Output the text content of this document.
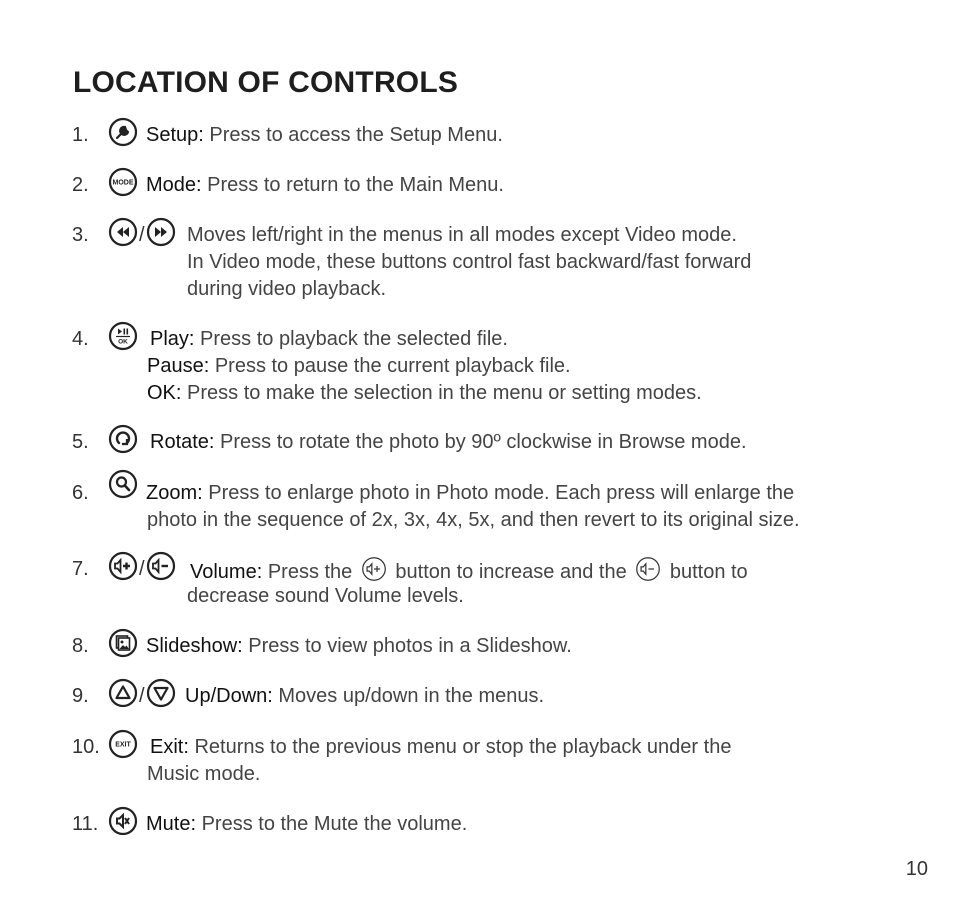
LOCATION OF CONTROLS
1.	Setup: Press to access the Setup Menu.
2.	MODE Mode: Press to return to the Main Menu.
3.	/ Moves left/right in the menus in all modes except Video mode.
In Video mode, these buttons control fast backward/fast forward
during video playback.
4.	OK Play: Press to playback the selected file.
Pause: Press to pause the current playback file.
OK: Press to make the selection in the menu or setting modes.
5.	Rotate: Press to rotate the photo by 90º clockwise in Browse mode.
6.	Zoom: Press to enlarge photo in Photo mode. Each press will enlarge the
photo in the sequence of 2x, 3x, 4x, 5x, and then revert to its original size.
7.	/ Volume: Press the  button to increase and the  button to
decrease sound Volume levels.
8.	Slideshow: Press to view photos in a Slideshow.
9.	/ Up/Down: Moves up/down in the menus.
10. EXIT Exit: Returns to the previous menu or stop the playback under the
Music mode.
11. Mute: Press to the Mute the volume.
10
